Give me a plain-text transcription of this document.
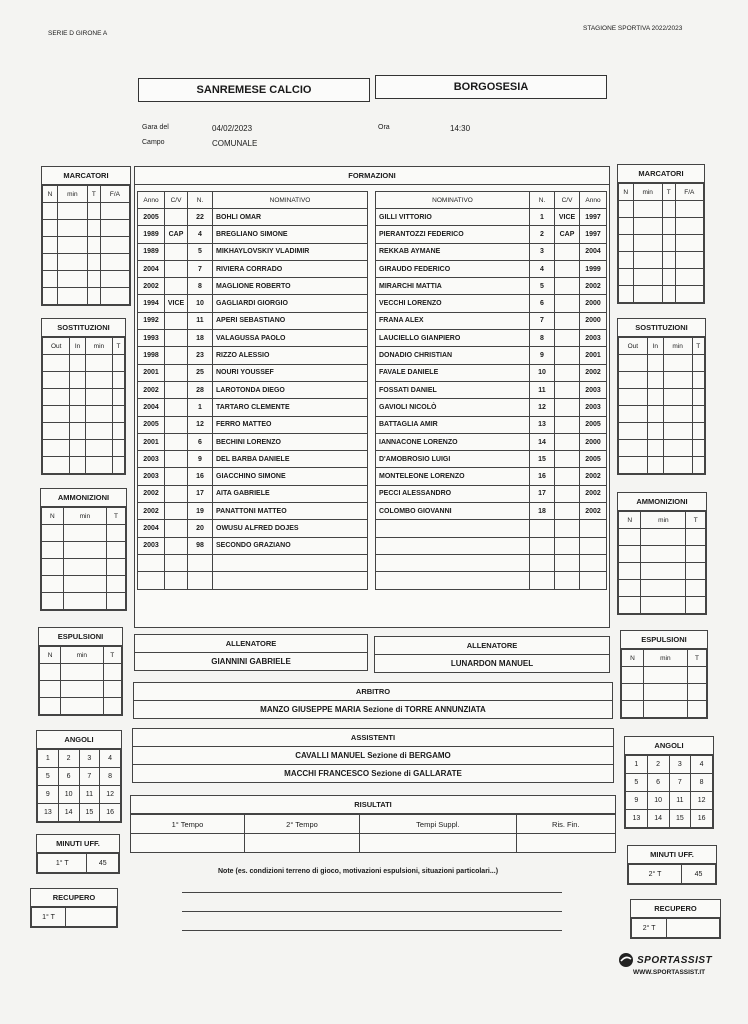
SERIE D GIRONE A
STAGIONE SPORTIVA 2022/2023
SANREMESE CALCIO	BORGOSESIA
Gara del	04/02/2023	Ora	14:30
Campo	COMUNALE
FORMAZIONI
Anno	C/V	N.	NOMINATIVO
2005		22	BOHLI OMAR
1989	CAP	4	BREGLIANO SIMONE
1989		5	MIKHAYLOVSKIY VLADIMIR
2004		7	RIVIERA CORRADO
2002		8	MAGLIONE ROBERTO
1994	VICE	10	GAGLIARDI GIORGIO
1992		11	APERI SEBASTIANO
1993		18	VALAGUSSA PAOLO
1998		23	RIZZO ALESSIO
2001		25	NOURI YOUSSEF
2002		28	LAROTONDA DIEGO
2004		1	TARTARO CLEMENTE
2005		12	FERRO MATTEO
2001		6	BECHINI LORENZO
2003		9	DEL BARBA DANIELE
2003		16	GIACCHINO SIMONE
2002		17	AITA GABRIELE
2002		19	PANATTONI MATTEO
2004		20	OWUSU ALFRED DOJES
2003		98	SECONDO GRAZIANO

NOMINATIVO	N.	C/V	Anno
GILLI VITTORIO	1	VICE	1997
PIERANTOZZI FEDERICO	2	CAP	1997
REKKAB AYMANE	3		2004
GIRAUDO FEDERICO	4		1999
MIRARCHI MATTIA	5		2002
VECCHI LORENZO	6		2000
FRANA ALEX	7		2000
LAUCIELLO GIANPIERO	8		2003
DONADIO CHRISTIAN	9		2001
FAVALE DANIELE	10		2002
FOSSATI DANIEL	11		2003
GAVIOLI NICOLÒ	12		2003
BATTAGLIA AMIR	13		2005
IANNACONE LORENZO	14		2000
D'AMOBROSIO LUIGI	15		2005
MONTELEONE LORENZO	16		2002
PECCI ALESSANDRO	17		2002
COLOMBO GIOVANNI	18		2002

MARCATORI
N	min	T	F/A

SOSTITUZIONI
Out	In	min	T

AMMONIZIONI
N	min	T

ESPULSIONI
N	min	T

ANGOLI
1	2	3	4
5	6	7	8
9	10	11	12
13	14	15	16
MINUTI UFF.
1° T	45
RECUPERO
1° T	
MARCATORI
N	min	T	F/A

SOSTITUZIONI
Out	In	min	T

AMMONIZIONI
N	min	T

ESPULSIONI
N	min	T

ANGOLI
1	2	3	4
5	6	7	8
9	10	11	12
13	14	15	16
MINUTI UFF.
2° T	45
RECUPERO
2° T	
ALLENATORE
GIANNINI GABRIELE
ALLENATORE
LUNARDON MANUEL
ARBITRO
MANZO GIUSEPPE MARIA Sezione di TORRE ANNUNZIATA
ASSISTENTI
CAVALLI MANUEL Sezione di BERGAMO
MACCHI FRANCESCO Sezione di GALLARATE
RISULTATI
1° Tempo	2° Tempo	Tempi Suppl.	Ris. Fin.

Note (es. condizioni terreno di gioco, motivazioni espulsioni, situazioni particolari...)
SPORTASSIST
WWW.SPORTASSIST.IT
